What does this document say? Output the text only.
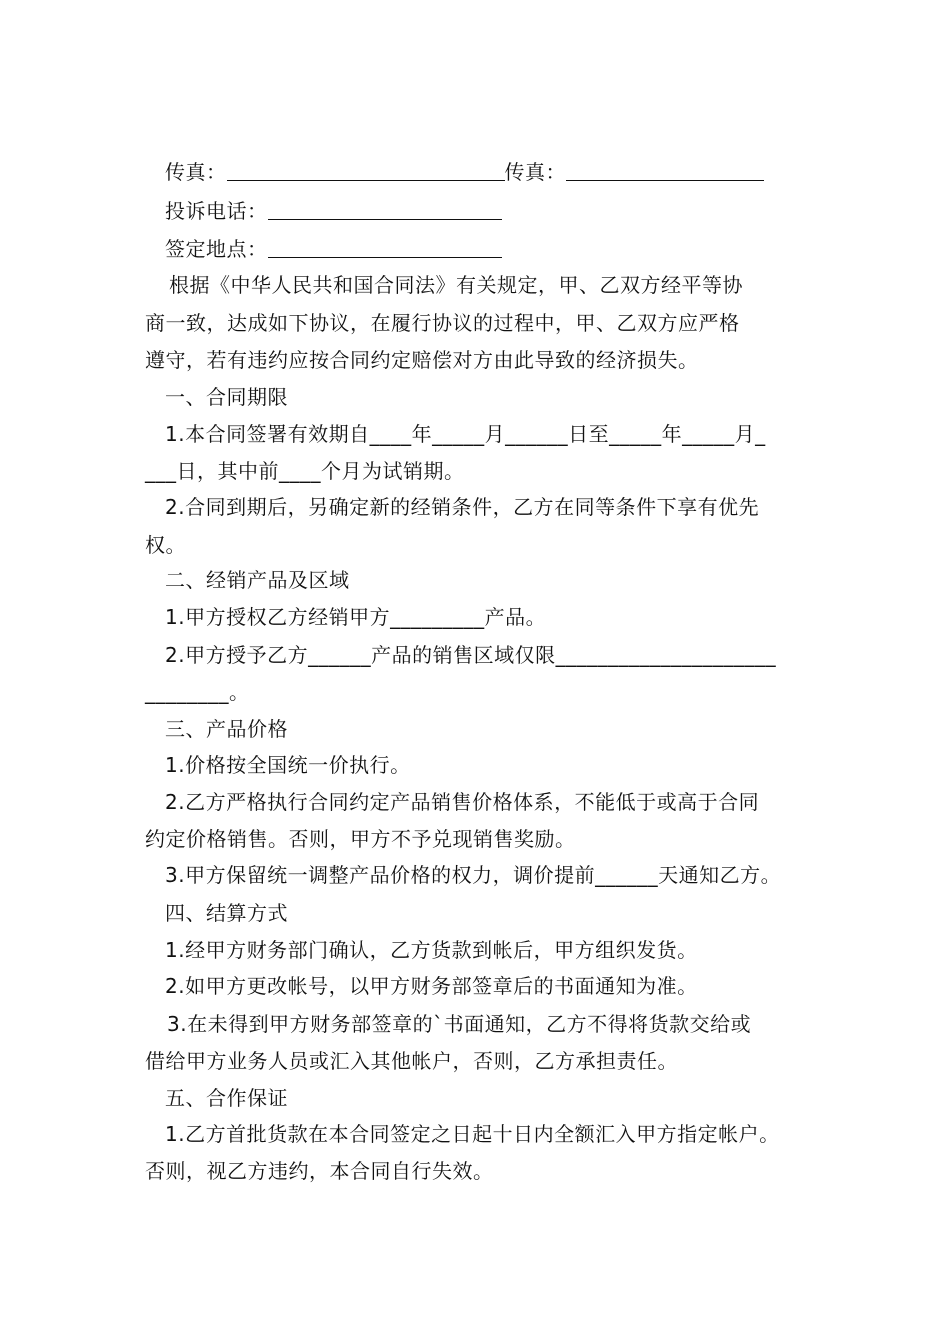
传真：	传真：
投诉电话：
签定地点：
根据《中华人民共和国合同法》有关规定，甲、乙双方经平等协
商一致，达成如下协议，在履行协议的过程中，甲、乙双方应严格
遵守，若有违约应按合同约定赔偿对方由此导致的经济损失。
一、合同期限
1.本合同签署有效期自____年_____月______日至_____年_____月_
___日，其中前____个月为试销期。
2.合同到期后，另确定新的经销条件，乙方在同等条件下享有优先
权。
二、经销产品及区域
1.甲方授权乙方经销甲方_________产品。
2.甲方授予乙方______产品的销售区域仅限_____________________
________。
三、产品价格
1.价格按全国统一价执行。
2.乙方严格执行合同约定产品销售价格体系，不能低于或高于合同
约定价格销售。否则，甲方不予兑现销售奖励。
3.甲方保留统一调整产品价格的权力，调价提前______天通知乙方。
四、结算方式
1.经甲方财务部门确认，乙方货款到帐后，甲方组织发货。
2.如甲方更改帐号，以甲方财务部签章后的书面通知为准。
3.在未得到甲方财务部签章的`书面通知，乙方不得将货款交给或
借给甲方业务人员或汇入其他帐户，否则，乙方承担责任。
五、合作保证
1.乙方首批货款在本合同签定之日起十日内全额汇入甲方指定帐户。
否则，视乙方违约，本合同自行失效。
